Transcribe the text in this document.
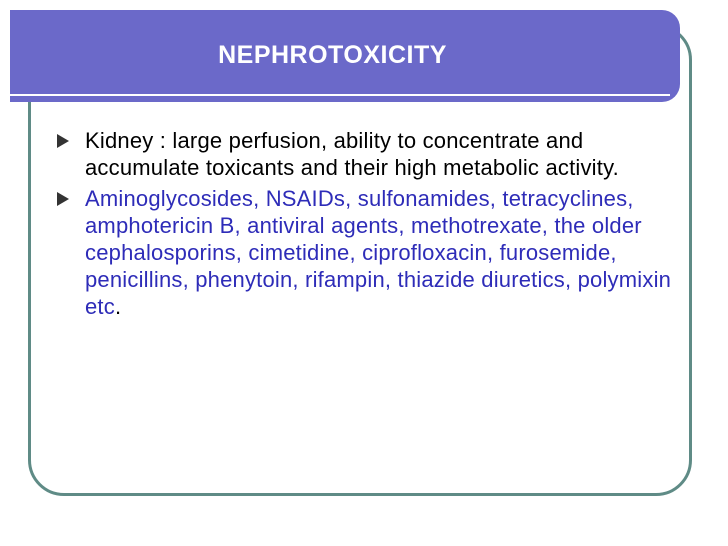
NEPHROTOXICITY
Kidney : large perfusion, ability to concentrate and accumulate toxicants and their high metabolic activity.
Aminoglycosides, NSAIDs, sulfonamides, tetracyclines, amphotericin B, antiviral agents, methotrexate, the older cephalosporins, cimetidine, ciprofloxacin, furosemide, penicillins, phenytoin, rifampin, thiazide diuretics, polymixin etc.
